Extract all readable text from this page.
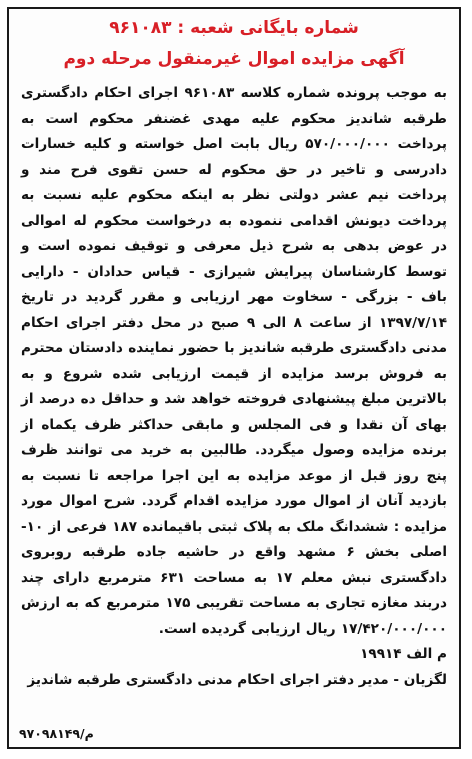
شماره بایگانی شعبه : ۹۶۱۰۸۳

آگهی مزایده اموال غیرمنقول مرحله دوم

به موجب پرونده شماره کلاسه ۹۶۱۰۸۳ اجرای احکام دادگستری طرقبه شاندیز محکوم علیه مهدی غضنفر محکوم است به پرداخت ۵۷۰/۰۰۰/۰۰۰ ریال بابت اصل خواسته و کلیه خسارات دادرسی و تاخیر در حق محکوم له حسن تقوی فرح مند و پرداخت نیم عشر دولتی نظر به اینکه محکوم علیه نسبت به پرداخت دیونش اقدامی ننموده به درخواست محکوم له اموالی در عوض بدهی به شرح ذیل معرفی و توقیف نموده است و توسط کارشناسان پیرایش شیرازی - قیاس حدادان - دارایی باف - بزرگی - سخاوت مهر ارزیابی و مقرر گردید در تاریخ ۱۳۹۷/۷/۱۴ از ساعت ۸ الی ۹ صبح در محل دفتر اجرای احکام مدنی دادگستری طرقبه شاندیز با حضور نماینده دادستان محترم به فروش برسد مزایده از قیمت ارزیابی شده شروع و به بالاترین مبلغ پیشنهادی فروخته خواهد شد و حداقل ده درصد از بهای آن نقدا و فی المجلس و مابقی حداکثر ظرف یکماه از برنده مزایده وصول میگردد. طالبین به خرید می توانند ظرف پنج روز قبل از موعد مزایده به این اجرا مراجعه تا نسبت به بازدید آنان از اموال مورد مزایده اقدام گردد. شرح اموال مورد مزایده : ششدانگ ملک به پلاک ثبتی باقیمانده ۱۸۷ فرعی از ۱۰- اصلی بخش ۶ مشهد واقع در حاشیه جاده طرقبه روبروی دادگستری نبش معلم ۱۷ به مساحت ۶۳۱ مترمربع دارای چند دربند مغازه تجاری به مساحت تقریبی ۱۷۵ مترمربع که به ارزش ۱۷/۴۲۰/۰۰۰/۰۰۰ ریال ارزیابی گردیده است.

م الف ۱۹۹۱۴

لگزیان - مدیر دفتر اجرای احکام مدنی دادگستری طرقبه شاندیز

م/۹۷۰۹۸۱۴۹
